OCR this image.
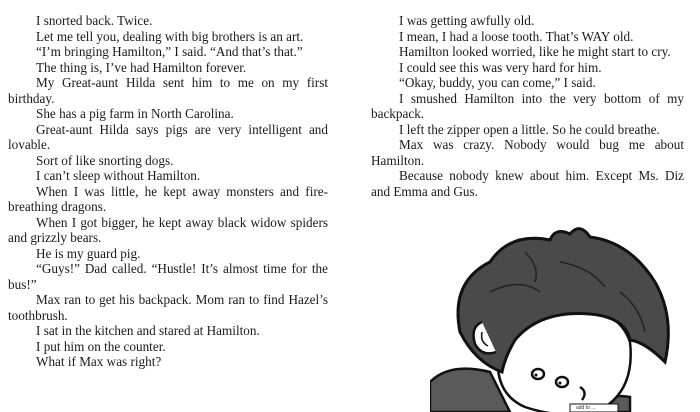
I snorted back. Twice.

Let me tell you, dealing with big brothers is an art.

“I’m bringing Hamilton,” I said. “And that’s that.”

The thing is, I’ve had Hamilton forever.

My Great-aunt Hilda sent him to me on my first birthday.

She has a pig farm in North Carolina.

Great-aunt Hilda says pigs are very intelligent and lovable.

Sort of like snorting dogs.

I can’t sleep without Hamilton.

When I was little, he kept away monsters and fire-breathing dragons.

When I got bigger, he kept away black widow spiders and grizzly bears.

He is my guard pig.

“Guys!” Dad called. “Hustle! It’s almost time for the bus!”

Max ran to get his backpack. Mom ran to find Hazel’s toothbrush.

I sat in the kitchen and stared at Hamilton.

I put him on the counter.

What if Max was right?

I was getting awfully old.

I mean, I had a loose tooth. That’s WAY old.

Hamilton looked worried, like he might start to cry.

I could see this was very hard for him.

“Okay, buddy, you can come,” I said.

I smushed Hamilton into the very bottom of my backpack.

I left the zipper open a little. So he could breathe.

Max was crazy. Nobody would bug me about Hamilton.

Because nobody knew about him. Except Ms. Diz and Emma and Gus.

add to ...
